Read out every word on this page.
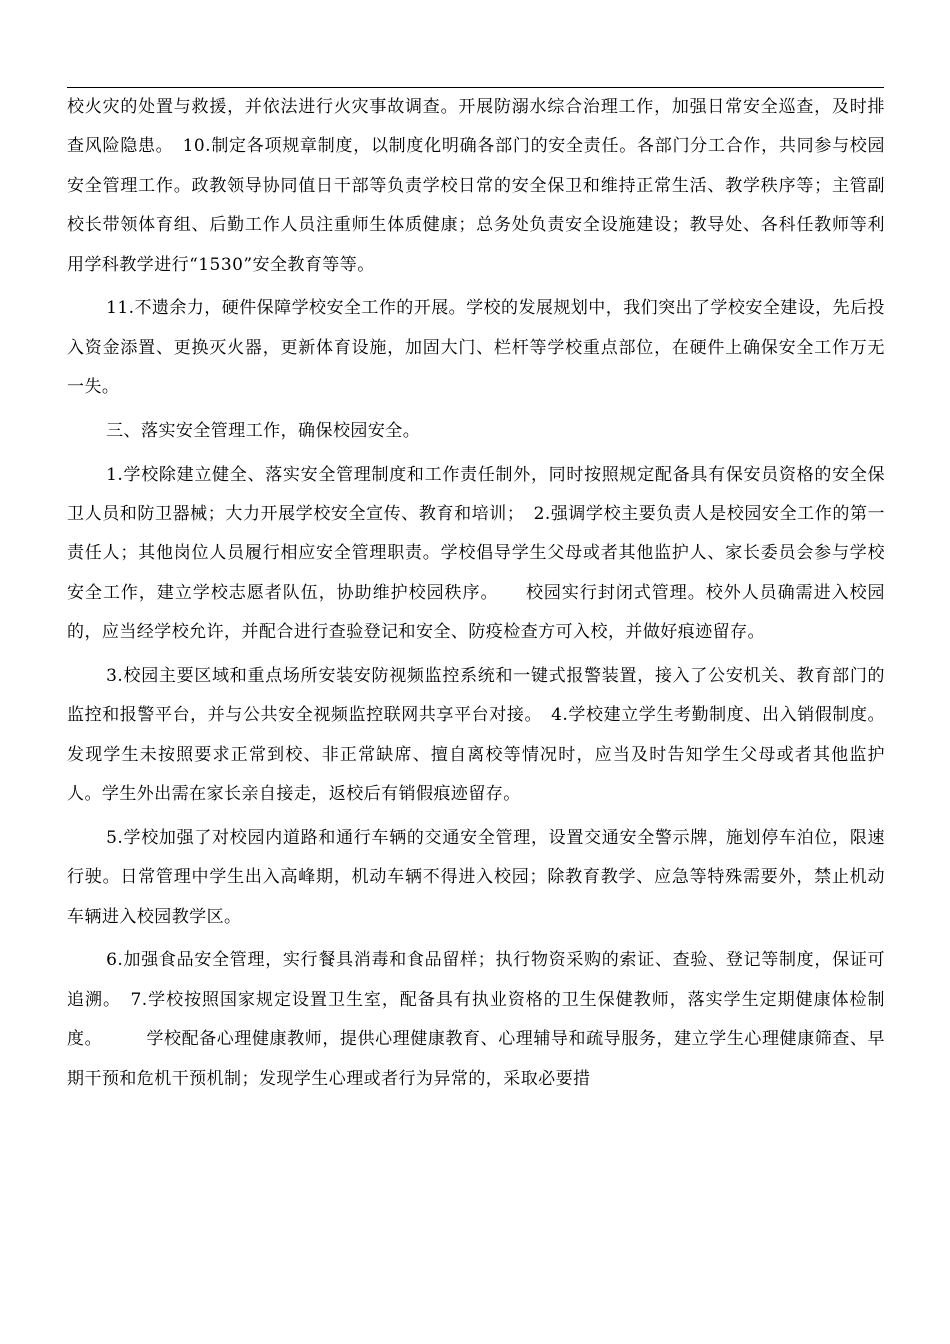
校火灾的处置与救援，并依法进行火灾事故调查。开展防溺水综合治理工作，加强日常安全巡查，及时排查风险隐患。　10.制定各项规章制度，以制度化明确各部门的安全责任。各部门分工合作，共同参与校园安全管理工作。政教领导协同值日干部等负责学校日常的安全保卫和维持正常生活、教学秩序等；主管副校长带领体育组、后勤工作人员注重师生体质健康；总务处负责安全设施建设；教导处、各科任教师等利用学科教学进行“1530”安全教育等等。

11.不遗余力，硬件保障学校安全工作的开展。学校的发展规划中，我们突出了学校安全建设，先后投入资金添置、更换灭火器，更新体育设施，加固大门、栏杆等学校重点部位，在硬件上确保安全工作万无一失。

三、落实安全管理工作，确保校园安全。

1.学校除建立健全、落实安全管理制度和工作责任制外，同时按照规定配备具有保安员资格的安全保卫人员和防卫器械；大力开展学校安全宣传、教育和培训；　2.强调学校主要负责人是校园安全工作的第一责任人；其他岗位人员履行相应安全管理职责。学校倡导学生父母或者其他监护人、家长委员会参与学校安全工作，建立学校志愿者队伍，协助维护校园秩序。　　校园实行封闭式管理。校外人员确需进入校园的，应当经学校允许，并配合进行查验登记和安全、防疫检查方可入校，并做好痕迹留存。

3.校园主要区域和重点场所安装安防视频监控系统和一键式报警装置，接入了公安机关、教育部门的监控和报警平台，并与公共安全视频监控联网共享平台对接。　4.学校建立学生考勤制度、出入销假制度。发现学生未按照要求正常到校、非正常缺席、擅自离校等情况时，应当及时告知学生父母或者其他监护人。学生外出需在家长亲自接走，返校后有销假痕迹留存。

5.学校加强了对校园内道路和通行车辆的交通安全管理，设置交通安全警示牌，施划停车泊位，限速行驶。日常管理中学生出入高峰期，机动车辆不得进入校园；除教育教学、应急等特殊需要外，禁止机动车辆进入校园教学区。

6.加强食品安全管理，实行餐具消毒和食品留样；执行物资采购的索证、查验、登记等制度，保证可追溯。　7.学校按照国家规定设置卫生室，配备具有执业资格的卫生保健教师，落实学生定期健康体检制度。　　　学校配备心理健康教师，提供心理健康教育、心理辅导和疏导服务，建立学生心理健康筛查、早期干预和危机干预机制；发现学生心理或者行为异常的，采取必要措
